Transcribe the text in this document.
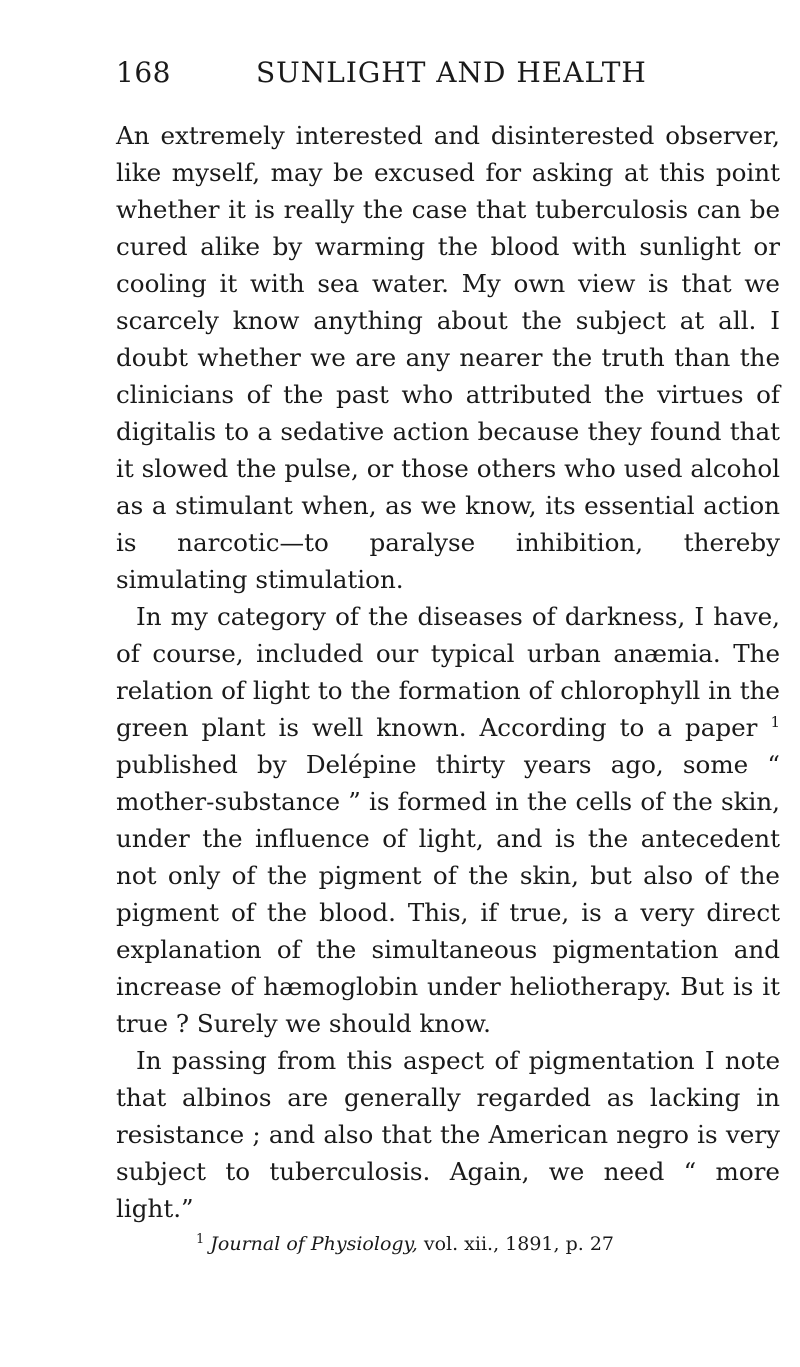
168	SUNLIGHT AND HEALTH

An extremely interested and disinterested observer, like myself, may be excused for asking at this point whether it is really the case that tuberculosis can be cured alike by warming the blood with sunlight or cooling it with sea water. My own view is that we scarcely know anything about the subject at all. I doubt whether we are any nearer the truth than the clinicians of the past who attributed the virtues of digitalis to a sedative action because they found that it slowed the pulse, or those others who used alcohol as a stimulant when, as we know, its essential action is narcotic—to paralyse inhibition, thereby simulating stimulation.

In my category of the diseases of darkness, I have, of course, included our typical urban anæmia. The relation of light to the formation of chlorophyll in the green plant is well known. According to a paper $^1$ published by Delépine thirty years ago, some “ mother-substance ” is formed in the cells of the skin, under the influence of light, and is the antecedent not only of the pigment of the skin, but also of the pigment of the blood. This, if true, is a very direct explanation of the simultaneous pigmentation and increase of hæmoglobin under heliotherapy. But is it true ? Surely we should know.

In passing from this aspect of pigmentation I note that albinos are generally regarded as lacking in resistance ; and also that the American negro is very subject to tuberculosis. Again, we need “ more light.”

$^1$ Journal of Physiology, vol. xii., 1891, p. 27
